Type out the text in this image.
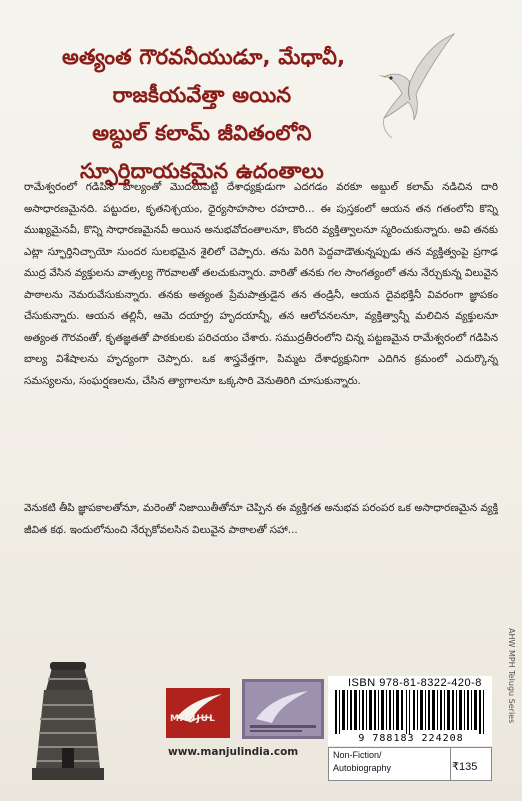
అత్యంత గౌరవనీయుడూ, మేధావీ,
రాజకీయవేత్తా అయిన
అబ్దుల్ కలామ్ జీవితంలోని
స్ఫూర్తిదాయకమైన ఉదంతాలు

రామేశ్వరంలో గడిపిన బాల్యంతో మొదలుపెట్టి దేశాధ్యక్షుడుగా ఎదగడం వరకూ అబ్దుల్ కలామ్ నడిచిన దారి అసాధారణమైనది. పట్టుదల, కృతనిశ్చయం, ధైర్యసాహసాల రహదారి... ఈ పుస్తకంలో ఆయన తన గతంలోని కొన్ని ముఖ్యమైనవీ, కొన్ని సాధారణమైనవీ అయిన అనుభవోదంతాలనూ, కొందరి వ్యక్తిత్వాలనూ స్మరించుకున్నారు. అవి తనకు ఎట్లా స్ఫూర్తినిచ్చాయో సుందర సులభమైన శైలిలో చెప్పారు. తను పెరిగి పెద్దవాడౌతున్నప్పుడు తన వ్యక్తిత్వంపై ప్రగాఢ ముద్ర వేసిన వ్యక్తులను వాత్సల్య గౌరవాలతో తలచుకున్నారు. వారితో తనకు గల సాంగత్యంలో తను నేర్చుకున్న విలువైన పాఠాలను నెమరువేసుకున్నారు. తనకు అత్యంత ప్రేమపాత్రుడైన తన తండ్రినీ, ఆయన దైవభక్తినీ వివరంగా జ్ఞాపకం చేసుకున్నారు. ఆయన తల్లినీ, ఆమె దయార్ద్ర హృదయాన్నీ, తన ఆలోచనలనూ, వ్యక్తిత్వాన్నీ మలిచిన వ్యక్తులనూ అత్యంత గౌరవంతో, కృతజ్ఞతతో పాఠకులకు పరిచయం చేశారు. సముద్రతీరంలోని చిన్న పట్టణమైన రామేశ్వరంలో గడిపిన బాల్య విశేషాలను హృద్యంగా చెప్పారు. ఒక శాస్త్రవేత్తగా, పిమ్మట దేశాధ్యక్షునిగా ఎదిగిన క్రమంలో ఎదుర్కొన్న సమస్యలను, సంఘర్షణలను, చేసిన త్యాగాలనూ ఒక్కసారి వెనుతిరిగి చూసుకున్నారు.

వెనుకటి తీపి జ్ఞాపకాలతోనూ, మరెంతో నిజాయితీతోనూ చెప్పిన ఈ వ్యక్తిగత అనుభవ పరంపర ఒక అసాధారణమైన వ్యక్తి జీవిత కథ. ఇందులోనుంచి నేర్చుకోవలసిన విలువైన పాఠాలతో సహా...

AHW MPH Telugu Series
MANJUL
www.manjulindia.com
ISBN 978-81-8322-420-8
9 788183 224208
Non-Fiction/
Autobiography	₹135
